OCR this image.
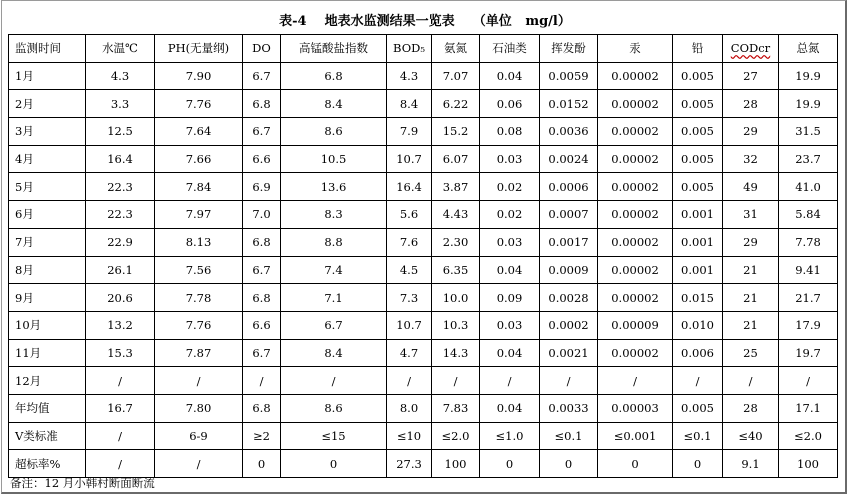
表-4    地表水监测结果一览表    （单位   mg/l）
监测时间	水温℃	PH(无量纲)	DO	高锰酸盐指数	BOD₅	氨氮	石油类	挥发酚	汞	铅	CODcr	总氮
1月	4.3	7.90	6.7	6.8	4.3	7.07	0.04	0.0059	0.00002	0.005	27	19.9
2月	3.3	7.76	6.8	8.4	8.4	6.22	0.06	0.0152	0.00002	0.005	28	19.9
3月	12.5	7.64	6.7	8.6	7.9	15.2	0.08	0.0036	0.00002	0.005	29	31.5
4月	16.4	7.66	6.6	10.5	10.7	6.07	0.03	0.0024	0.00002	0.005	32	23.7
5月	22.3	7.84	6.9	13.6	16.4	3.87	0.02	0.0006	0.00002	0.005	49	41.0
6月	22.3	7.97	7.0	8.3	5.6	4.43	0.02	0.0007	0.00002	0.001	31	5.84
7月	22.9	8.13	6.8	8.8	7.6	2.30	0.03	0.0017	0.00002	0.001	29	7.78
8月	26.1	7.56	6.7	7.4	4.5	6.35	0.04	0.0009	0.00002	0.001	21	9.41
9月	20.6	7.78	6.8	7.1	7.3	10.0	0.09	0.0028	0.00002	0.015	21	21.7
10月	13.2	7.76	6.6	6.7	10.7	10.3	0.03	0.0002	0.00009	0.010	21	17.9
11月	15.3	7.87	6.7	8.4	4.7	14.3	0.04	0.0021	0.00002	0.006	25	19.7
12月	/	/	/	/	/	/	/	/	/	/	/	/
年均值	16.7	7.80	6.8	8.6	8.0	7.83	0.04	0.0033	0.00003	0.005	28	17.1
Ⅴ类标准	/	6-9	≥2	≤15	≤10	≤2.0	≤1.0	≤0.1	≤0.001	≤0.1	≤40	≤2.0
超标率%	/	/	0	0	27.3	100	0	0	0	0	9.1	100
备注：12 月小韩村断面断流
